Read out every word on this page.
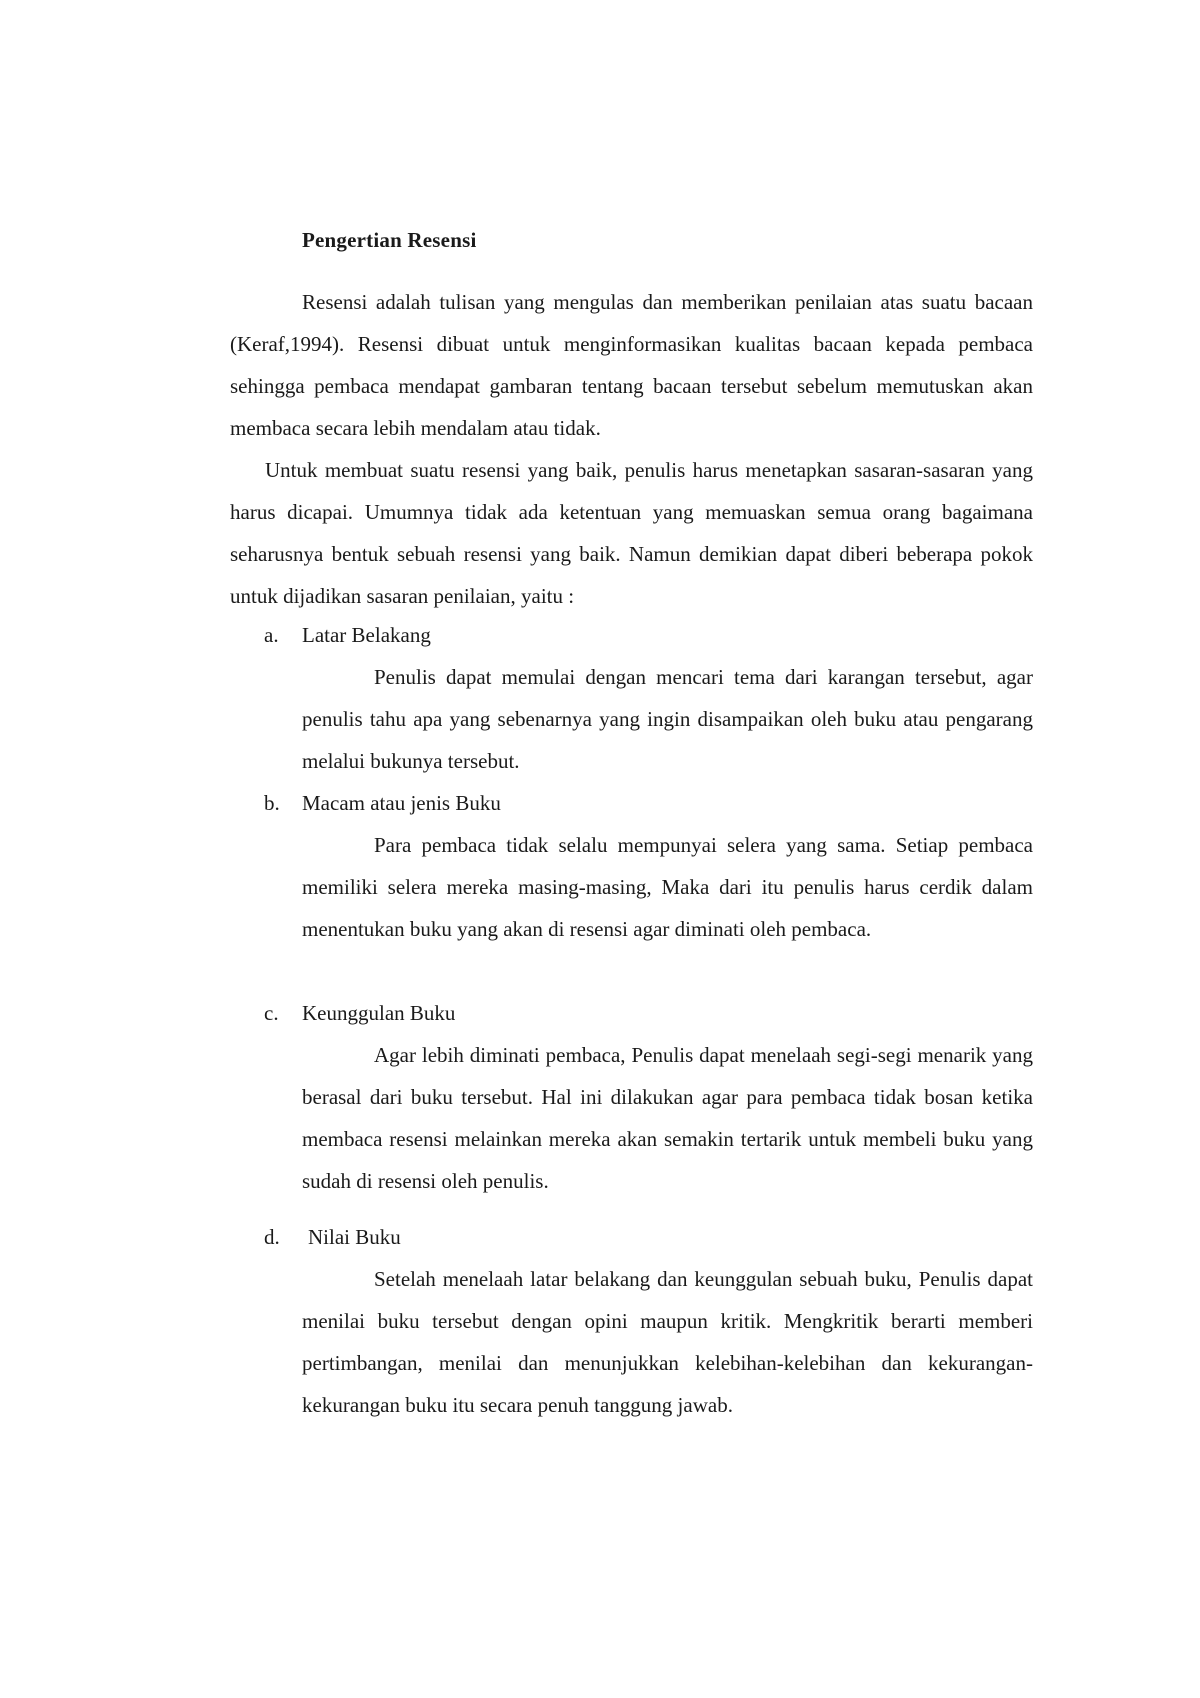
Pengertian Resensi

Resensi adalah tulisan yang mengulas dan memberikan penilaian atas suatu bacaan (Keraf,1994). Resensi dibuat untuk menginformasikan kualitas bacaan kepada pembaca sehingga pembaca mendapat gambaran tentang bacaan tersebut sebelum memutuskan akan membaca secara lebih mendalam atau tidak.

Untuk membuat suatu resensi yang baik, penulis harus menetapkan sasaran-sasaran yang harus dicapai. Umumnya tidak ada ketentuan yang memuaskan semua orang bagaimana seharusnya bentuk sebuah resensi yang baik. Namun demikian dapat diberi beberapa pokok untuk dijadikan sasaran penilaian, yaitu :

a. Latar Belakang

Penulis dapat memulai dengan mencari tema dari karangan tersebut, agar penulis tahu apa yang sebenarnya yang ingin disampaikan oleh buku atau pengarang melalui bukunya tersebut.

b. Macam atau jenis Buku

Para pembaca tidak selalu mempunyai selera yang sama. Setiap pembaca memiliki selera mereka masing-masing, Maka dari itu penulis harus cerdik dalam menentukan buku yang akan di resensi agar diminati oleh pembaca.

c. Keunggulan Buku

Agar lebih diminati pembaca, Penulis dapat menelaah segi-segi menarik yang berasal dari buku tersebut. Hal ini dilakukan agar para pembaca tidak bosan ketika membaca resensi melainkan mereka akan semakin tertarik untuk membeli buku yang sudah di resensi oleh penulis.

d. Nilai Buku

Setelah menelaah latar belakang dan keunggulan sebuah buku, Penulis dapat menilai buku tersebut dengan opini maupun kritik. Mengkritik berarti memberi pertimbangan, menilai dan menunjukkan kelebihan-kelebihan dan kekurangan-kekurangan buku itu secara penuh tanggung jawab.
